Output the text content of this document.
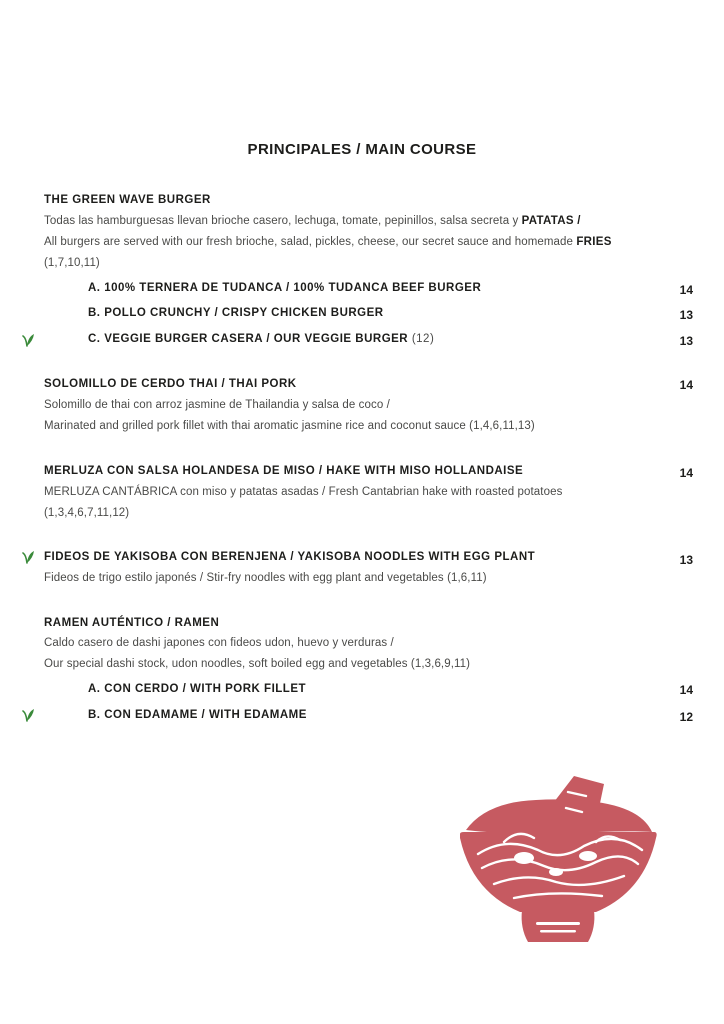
PRINCIPALES / MAIN COURSE
THE GREEN WAVE BURGER
Todas las hamburguesas llevan brioche casero, lechuga, tomate, pepinillos, salsa secreta y PATATAS /
All burgers are served with our fresh brioche, salad, pickles, cheese, our secret sauce and homemade FRIES
(1,7,10,11)
A. 100% TERNERA DE TUDANCA / 100% TUDANCA BEEF BURGER	14
B. POLLO CRUNCHY / CRISPY CHICKEN BURGER	13
C. VEGGIE BURGER CASERA / OUR VEGGIE BURGER (12)	13
SOLOMILLO DE CERDO THAI / THAI PORK	14
Solomillo de thai con arroz jasmine de Thailandia y salsa de coco /
Marinated and grilled pork fillet with thai aromatic jasmine rice and coconut sauce (1,4,6,11,13)
MERLUZA CON SALSA HOLANDESA DE MISO / HAKE WITH MISO HOLLANDAISE	14
MERLUZA CANTÁBRICA con miso y patatas asadas / Fresh Cantabrian hake with roasted potatoes
(1,3,4,6,7,11,12)
FIDEOS DE YAKISOBA CON BERENJENA / YAKISOBA NOODLES WITH EGG PLANT	13
Fideos de trigo estilo japonés / Stir-fry noodles with egg plant and vegetables (1,6,11)
RAMEN AUTÉNTICO / RAMEN
Caldo casero de dashi japones con fideos udon, huevo y verduras /
Our special dashi stock, udon noodles, soft boiled egg and vegetables (1,3,6,9,11)
A. CON CERDO / WITH PORK FILLET	14
B. CON EDAMAME / WITH EDAMAME	12
